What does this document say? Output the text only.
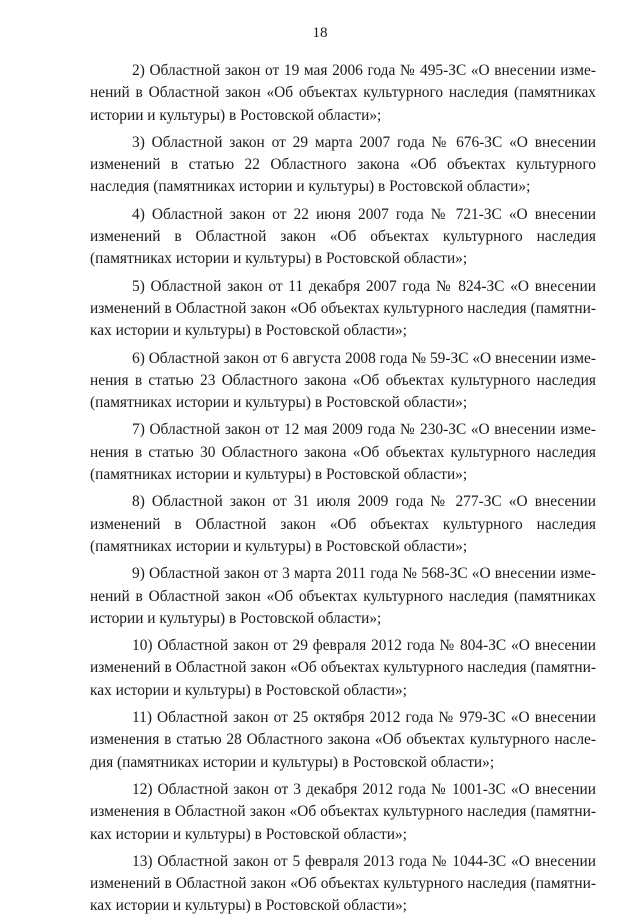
18

2) Областной закон от 19 мая 2006 года № 495-ЗС «О внесении изменений в Областной закон «Об объектах культурного наследия (памятниках истории и культуры) в Ростовской области»;

3) Областной закон от 29 марта 2007 года № 676-ЗС «О внесении изменений в статью 22 Областного закона «Об объектах культурного наследия (памятниках истории и культуры) в Ростовской области»;

4) Областной закон от 22 июня 2007 года № 721-ЗС «О внесении изменений в Областной закон «Об объектах культурного наследия (памятниках истории и культуры) в Ростовской области»;

5) Областной закон от 11 декабря 2007 года № 824-ЗС «О внесении изменений в Областной закон «Об объектах культурного наследия (памятниках истории и культуры) в Ростовской области»;

6) Областной закон от 6 августа 2008 года № 59-ЗС «О внесении изменения в статью 23 Областного закона «Об объектах культурного наследия (памятниках истории и культуры) в Ростовской области»;

7) Областной закон от 12 мая 2009 года № 230-ЗС «О внесении изменения в статью 30 Областного закона «Об объектах культурного наследия (памятниках истории и культуры) в Ростовской области»;

8) Областной закон от 31 июля 2009 года № 277-ЗС «О внесении изменений в Областной закон «Об объектах культурного наследия (памятниках истории и культуры) в Ростовской области»;

9) Областной закон от 3 марта 2011 года № 568-ЗС «О внесении изменений в Областной закон «Об объектах культурного наследия (памятниках истории и культуры) в Ростовской области»;

10) Областной закон от 29 февраля 2012 года № 804-ЗС «О внесении изменений в Областной закон «Об объектах культурного наследия (памятниках истории и культуры) в Ростовской области»;

11) Областной закон от 25 октября 2012 года № 979-ЗС «О внесении изменения в статью 28 Областного закона «Об объектах культурного наследия (памятниках истории и культуры) в Ростовской области»;

12) Областной закон от 3 декабря 2012 года № 1001-ЗС «О внесении изменения в Областной закон «Об объектах культурного наследия (памятниках истории и культуры) в Ростовской области»;

13) Областной закон от 5 февраля 2013 года № 1044-ЗС «О внесении изменений в Областной закон «Об объектах культурного наследия (памятниках истории и культуры) в Ростовской области»;
